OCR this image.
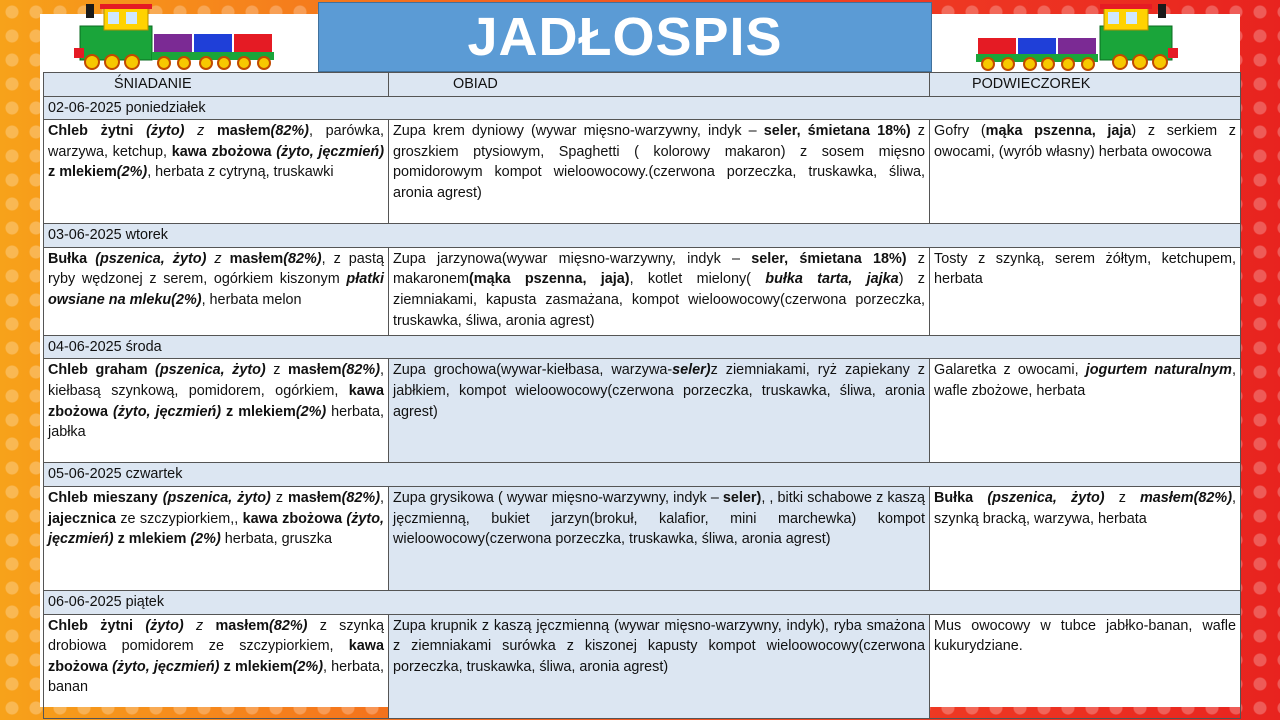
JADŁOSPIS
ŚNIADANIE	OBIAD	PODWIECZOREK
02-06-2025 poniedziałek		
Chleb żytni (żyto) z masłem(82%), parówka, warzywa, ketchup, kawa zbożowa (żyto, jęczmień) z mlekiem(2%), herbata z cytryną, truskawki	Zupa krem dyniowy (wywar mięsno-warzywny, indyk – seler, śmietana 18%) z groszkiem ptysiowym, Spaghetti ( kolorowy makaron) z sosem mięsno pomidorowym kompot wieloowocowy.(czerwona porzeczka, truskawka, śliwa, aronia agrest)	Gofry (mąka pszenna, jaja) z serkiem z owocami, (wyrób własny) herbata owocowa
03-06-2025 wtorek		
Bułka (pszenica, żyto) z masłem(82%), z pastą ryby wędzonej z serem, ogórkiem kiszonym płatki owsiane na mleku(2%), herbata melon	Zupa jarzynowa(wywar mięsno-warzywny, indyk – seler, śmietana 18%) z makaronem(mąka pszenna, jaja), kotlet mielony( bułka tarta, jajka) z ziemniakami, kapusta zasmażana, kompot wieloowocowy(czerwona porzeczka, truskawka, śliwa, aronia agrest)	Tosty z szynką, serem żółtym, ketchupem, herbata
04-06-2025 środa		
Chleb graham (pszenica, żyto) z masłem(82%), kiełbasą szynkową, pomidorem, ogórkiem, kawa zbożowa (żyto, jęczmień) z mlekiem(2%) herbata, jabłka	Zupa grochowa(wywar-kiełbasa, warzywa-seler)z ziemniakami, ryż zapiekany z jabłkiem, kompot wieloowocowy(czerwona porzeczka, truskawka, śliwa, aronia agrest)	Galaretka z owocami, jogurtem naturalnym, wafle zbożowe, herbata
05-06-2025 czwartek		
Chleb mieszany (pszenica, żyto) z masłem(82%), jajecznica ze szczypiorkiem,, kawa zbożowa (żyto, jęczmień) z mlekiem (2%) herbata, gruszka	Zupa grysikowa ( wywar mięsno-warzywny, indyk – seler), , bitki schabowe z kaszą jęczmienną, bukiet jarzyn(brokuł, kalafior, mini marchewka) kompot wieloowocowy(czerwona porzeczka, truskawka, śliwa, aronia agrest)	Bułka (pszenica, żyto) z masłem(82%), szynką bracką, warzywa, herbata
06-06-2025 piątek		
Chleb żytni (żyto) z masłem(82%) z szynką drobiowa pomidorem ze szczypiorkiem, kawa zbożowa (żyto, jęczmień) z mlekiem(2%), herbata, banan	Zupa krupnik z kaszą jęczmienną (wywar mięsno-warzywny, indyk), ryba smażona z ziemniakami surówka z kiszonej kapusty kompot wieloowocowy(czerwona porzeczka, truskawka, śliwa, aronia agrest)	Mus owocowy w tubce jabłko-banan, wafle kukurydziane.
